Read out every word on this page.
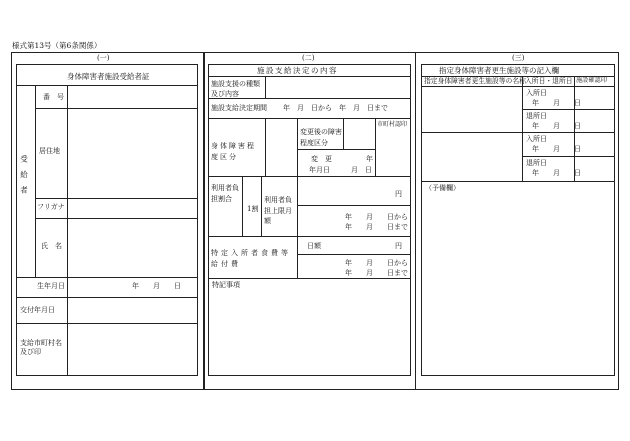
様式第13号（第6条関係）
(一)
身体障害者施設受給者証
受給者
番　号
居住地
フリガナ
氏　名
生年月日	年　　月　　日
交付年月日
支給市町村名及び印
(二)
施設支給決定の内容
施設支援の種類及び内容
施設支給決定期間 年　月　日から　年　月　日まで
身体障害程度区分
変更後の障害程度区分
市町村認印
変　更
年月日
年
月　日
利用者負担割合
1割
利用者負担上限月額
円
年　　月　　日から
年　　月　　日まで
特定入所者食費等給付費
日額	円
年　　月　　日から
年　　月　　日まで
特記事項
(三)
指定身体障害者更生施設等の記入欄
指定身体障害者更生施設等の名称 入所日・退所日 施設確認印
入所日
年　　月　　日
退所日
年　　月　　日
入所日
年　　月　　日
退所日
年　　月　　日
（予備欄）
